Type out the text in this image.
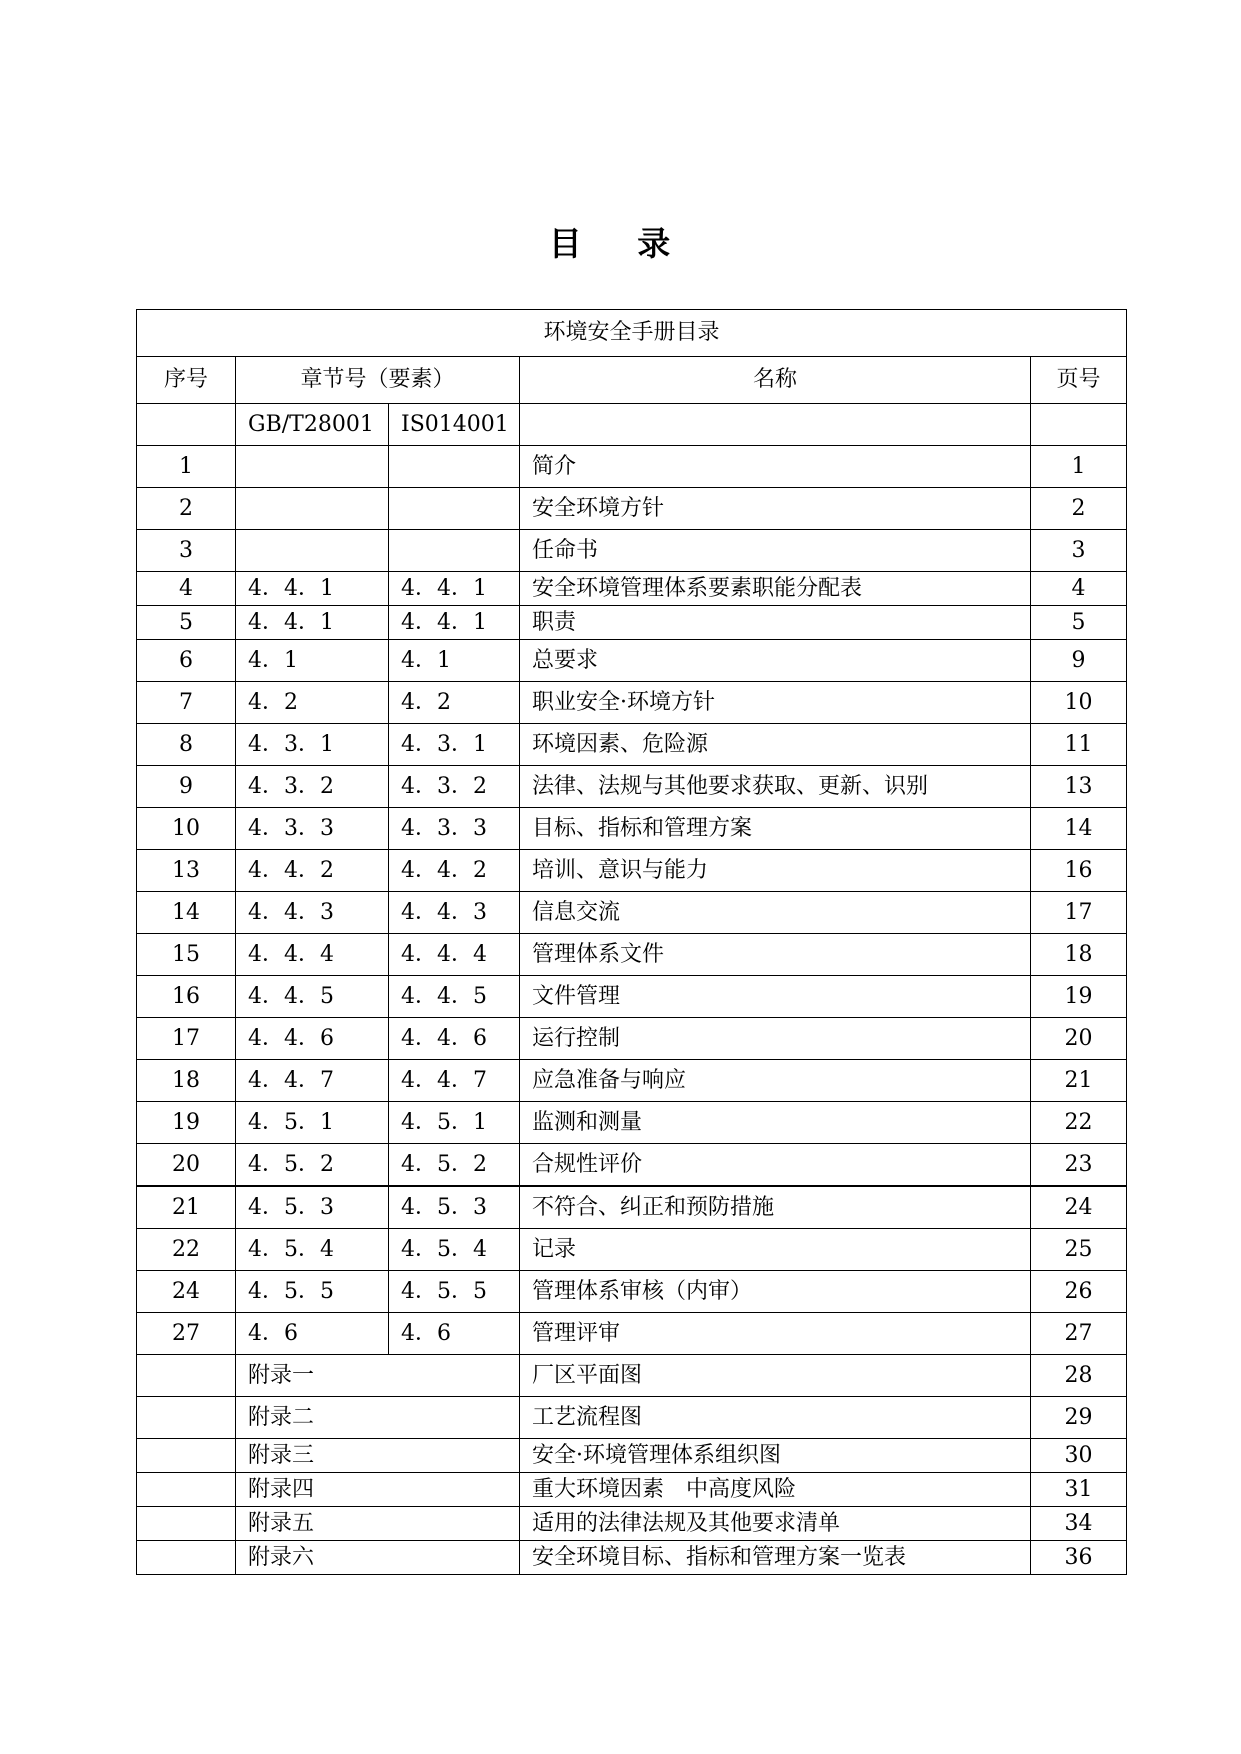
目 录
环境安全手册目录				
序号	章节号（要素）		名称	页号
	GB/T28001	IS014001		
1			简介	1
2			安全环境方针	2
3			任命书	3
4	4．4．1	4．4．1	安全环境管理体系要素职能分配表	4
5	4．4．1	4．4．1	职责	5
6	4．1	4．1	总要求	9
7	4．2	4．2	职业安全·环境方针	10
8	4．3．1	4．3．1	环境因素、危险源	11
9	4．3．2	4．3．2	法律、法规与其他要求获取、更新、识别	13
10	4．3．3	4．3．3	目标、指标和管理方案	14
13	4．4．2	4．4．2	培训、意识与能力	16
14	4．4．3	4．4．3	信息交流	17
15	4．4．4	4．4．4	管理体系文件	18
16	4．4．5	4．4．5	文件管理	19
17	4．4．6	4．4．6	运行控制	20
18	4．4．7	4．4．7	应急准备与响应	21
19	4．5．1	4．5．1	监测和测量	22
20	4．5．2	4．5．2	合规性评价	23
21	4．5．3	4．5．3	不符合、纠正和预防措施	24
22	4．5．4	4．5．4	记录	25
24	4．5．5	4．5．5	管理体系审核（内审）	26
27	4．6	4．6	管理评审	27
	附录一		厂区平面图	28
	附录二		工艺流程图	29
	附录三		安全·环境管理体系组织图	30
	附录四		重大环境因素　中高度风险	31
	附录五		适用的法律法规及其他要求清单	34
	附录六		安全环境目标、指标和管理方案一览表	36
